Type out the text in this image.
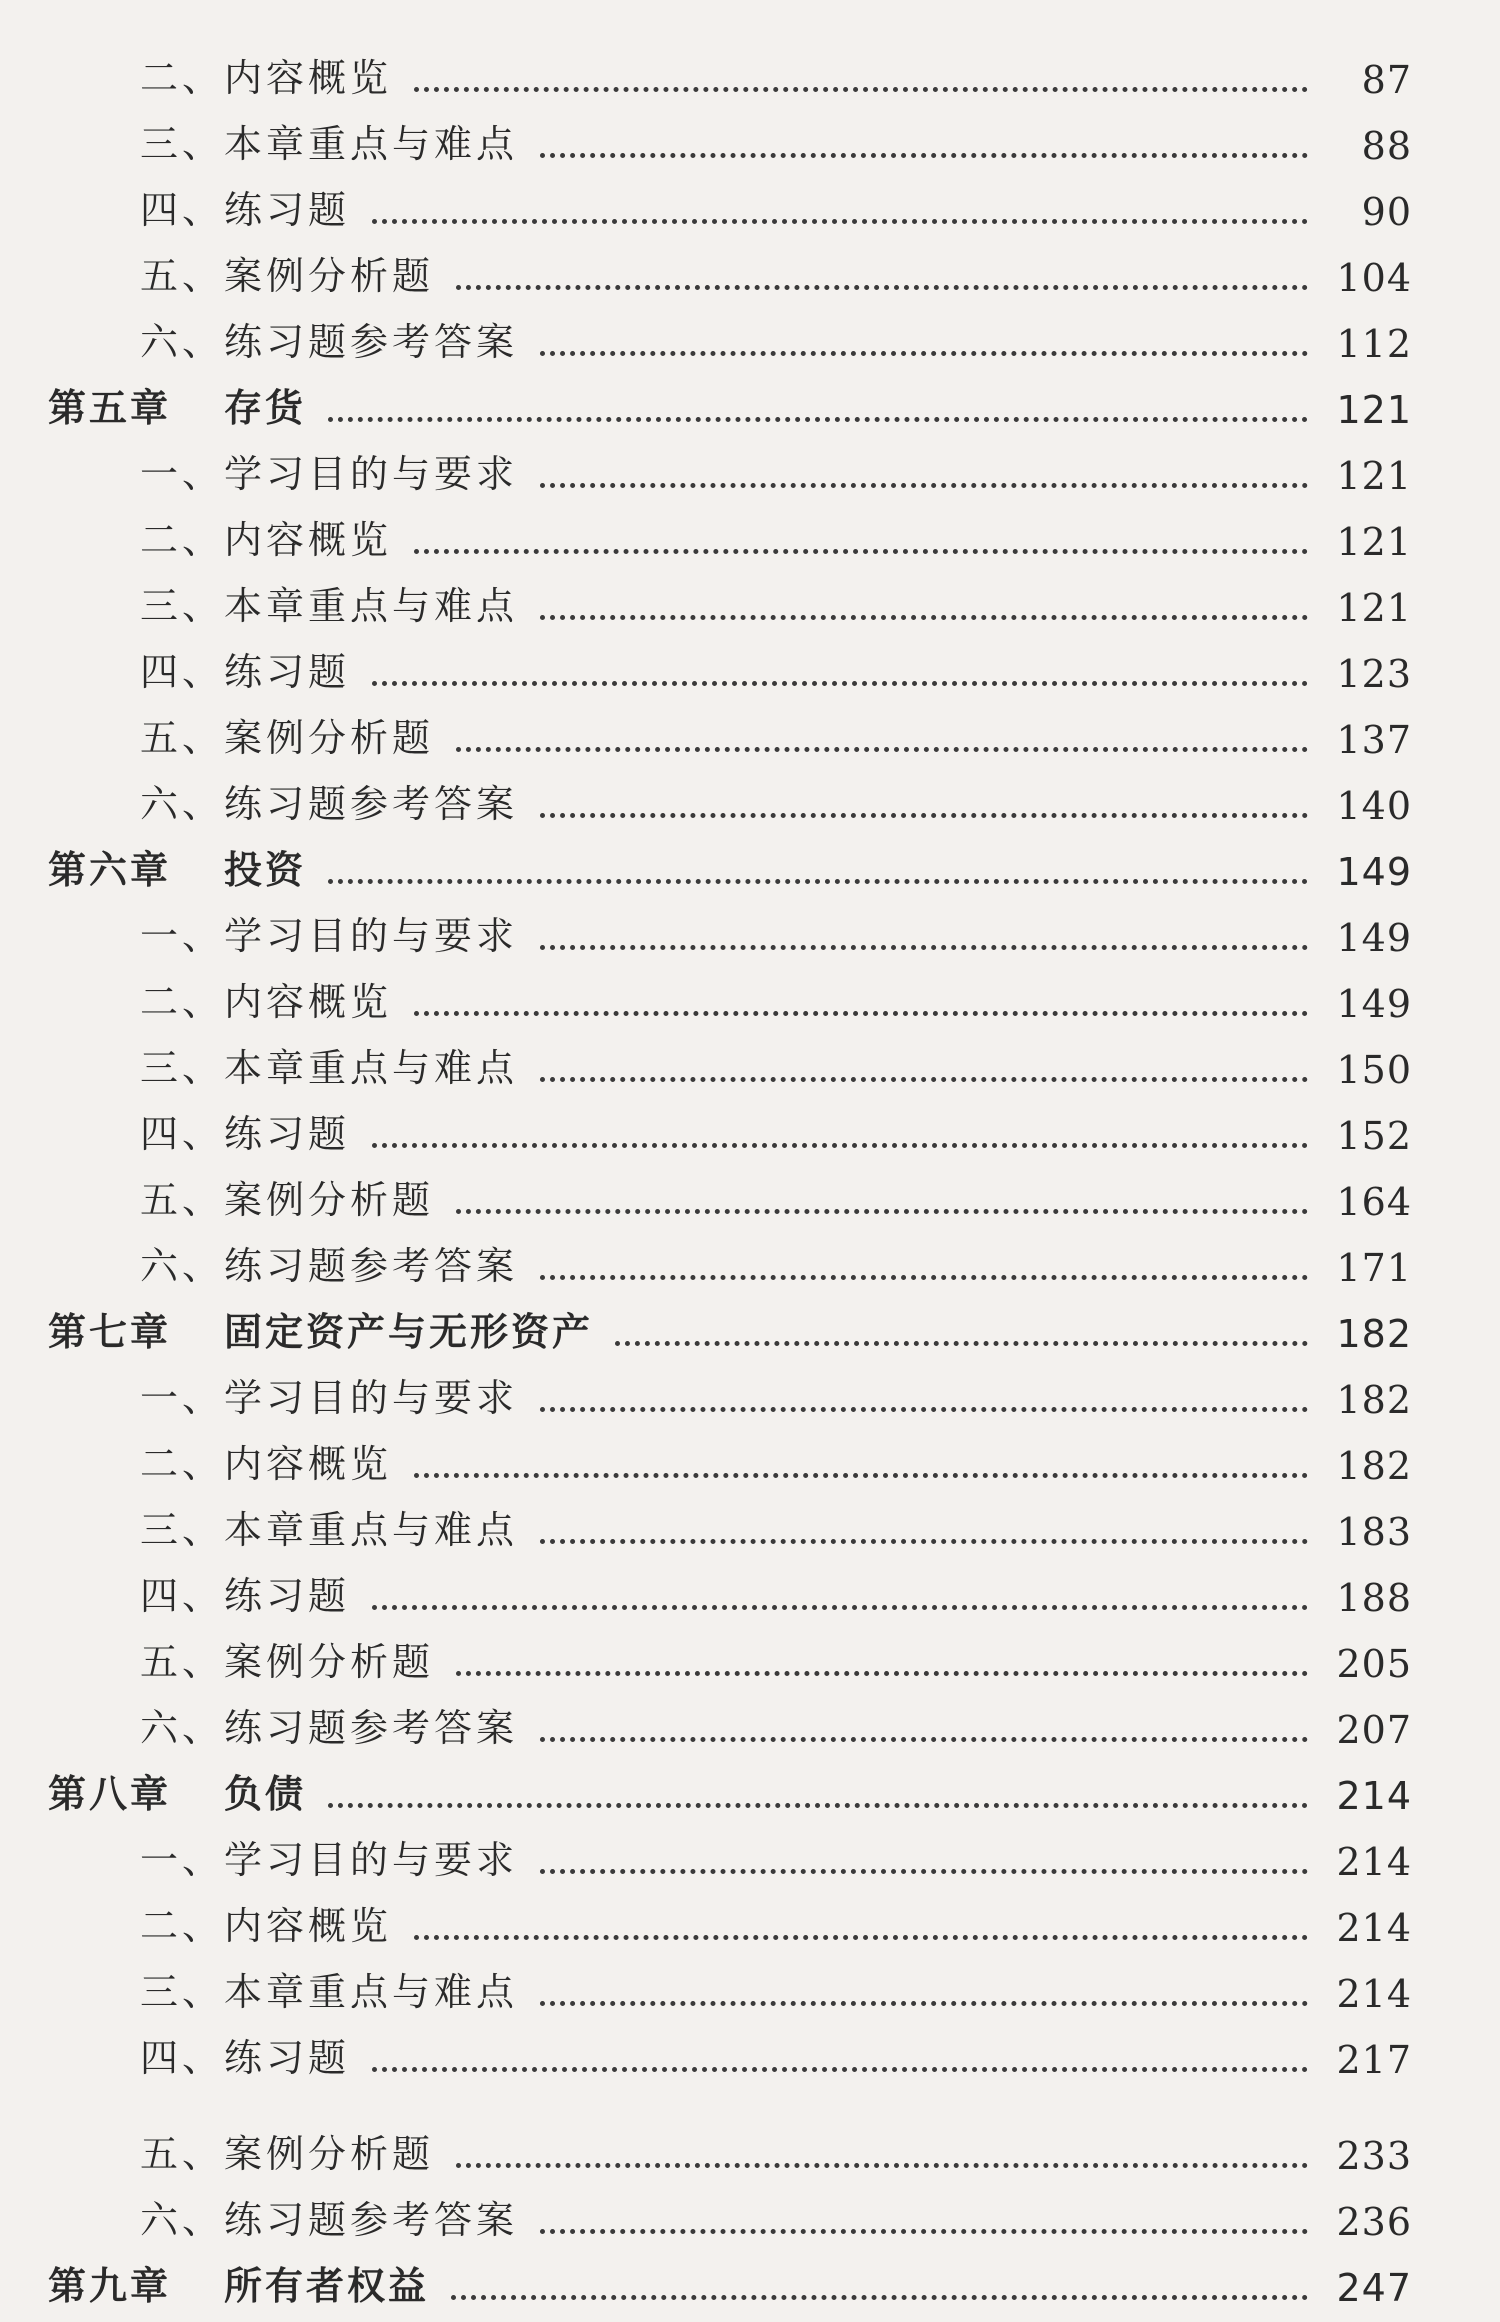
二、内容概览	87
三、本章重点与难点	88
四、练习题	90
五、案例分析题	104
六、练习题参考答案	112
第五章 存货	121
一、学习目的与要求	121
二、内容概览	121
三、本章重点与难点	121
四、练习题	123
五、案例分析题	137
六、练习题参考答案	140
第六章 投资	149
一、学习目的与要求	149
二、内容概览	149
三、本章重点与难点	150
四、练习题	152
五、案例分析题	164
六、练习题参考答案	171
第七章 固定资产与无形资产	182
一、学习目的与要求	182
二、内容概览	182
三、本章重点与难点	183
四、练习题	188
五、案例分析题	205
六、练习题参考答案	207
第八章 负债	214
一、学习目的与要求	214
二、内容概览	214
三、本章重点与难点	214
四、练习题	217
五、案例分析题	233
六、练习题参考答案	236
第九章 所有者权益	247
